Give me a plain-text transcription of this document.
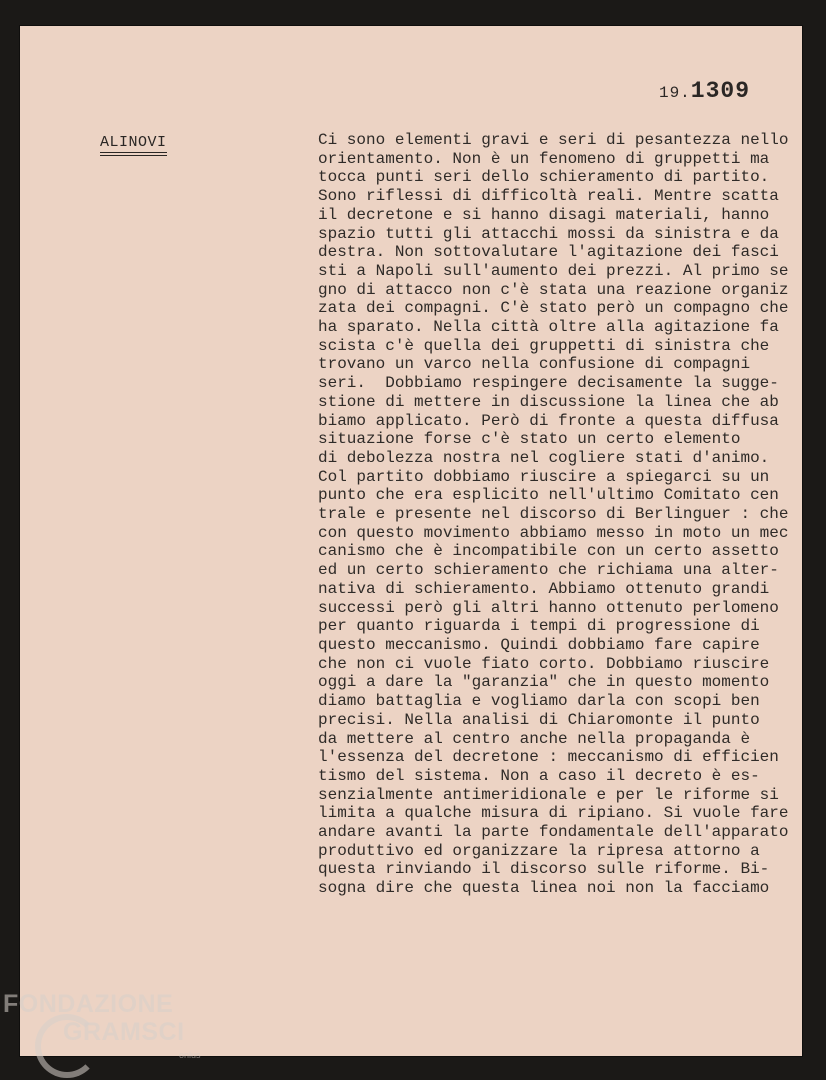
19.1309
ALINOVI	Ci sono elementi gravi e seri di pesantezza nello
orientamento. Non è un fenomeno di gruppetti ma
tocca punti seri dello schieramento di partito.
Sono riflessi di difficoltà reali. Mentre scatta
il decretone e si hanno disagi materiali, hanno
spazio tutti gli attacchi mossi da sinistra e da
destra. Non sottovalutare l'agitazione dei fasci
sti a Napoli sull'aumento dei prezzi. Al primo se
gno di attacco non c'è stata una reazione organiz
zata dei compagni. C'è stato però un compagno che
ha sparato. Nella città oltre alla agitazione fa
scista c'è quella dei gruppetti di sinistra che
trovano un varco nella confusione di compagni
seri.  Dobbiamo respingere decisamente la sugge-
stione di mettere in discussione la linea che ab
biamo applicato. Però di fronte a questa diffusa
situazione forse c'è stato un certo elemento
di debolezza nostra nel cogliere stati d'animo.
Col partito dobbiamo riuscire a spiegarci su un
punto che era esplicito nell'ultimo Comitato cen
trale e presente nel discorso di Berlinguer : che
con questo movimento abbiamo messo in moto un mec
canismo che è incompatibile con un certo assetto
ed un certo schieramento che richiama una alter-
nativa di schieramento. Abbiamo ottenuto grandi
successi però gli altri hanno ottenuto perlomeno
per quanto riguarda i tempi di progressione di
questo meccanismo. Quindi dobbiamo fare capire
che non ci vuole fiato corto. Dobbiamo riuscire
oggi a dare la "garanzia" che in questo momento
diamo battaglia e vogliamo darla con scopi ben
precisi. Nella analisi di Chiaromonte il punto
da mettere al centro anche nella propaganda è
l'essenza del decretone : meccanismo di efficien
tismo del sistema. Non a caso il decreto è es-
senzialmente antimeridionale e per le riforme si
limita a qualche misura di ripiano. Si vuole fare
andare avanti la parte fondamentale dell'apparato
produttivo ed organizzare la ripresa attorno a
questa rinviando il discorso sulle riforme. Bi-
sogna dire che questa linea noi non la facciamo
FONDAZIONE
GRAMSCI
onlus
